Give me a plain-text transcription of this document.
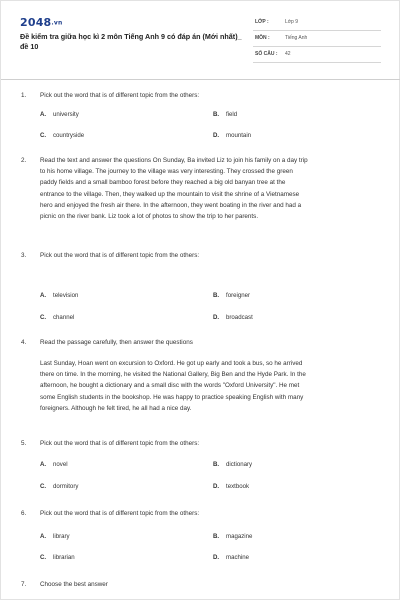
2048.vn
Đề kiểm tra giữa học kì 2 môn Tiếng Anh 9 có đáp án (Mới nhất)_ đề 10
LỚP :	Lớp 9
MÔN :	Tiếng Anh
SỐ CÂU : 42
1. Pick out the word that is of different topic from the others:
A. university	B. field
C. countryside	D. mountain
2. Read the text and answer the questions On Sunday, Ba invited Liz to join his family on a day trip
to his home village. The journey to the village was very interesting. They crossed the green
paddy fields and a small bamboo forest before they reached a big old banyan tree at the
entrance to the village. Then, they walked up the mountain to visit the shrine of a Vietnamese
hero and enjoyed the fresh air there. In the afternoon, they went boating in the river and had a
picnic on the river bank. Liz took a lot of photos to show the trip to her parents.
3. Pick out the word that is of different topic from the others:
A. television	B. foreigner
C. channel	D. broadcast
4. Read the passage carefully, then answer the questions
Last Sunday, Hoan went on excursion to Oxford. He got up early and took a bus, so he arrived
there on time. In the morning, he visited the National Gallery, Big Ben and the Hyde Park. In the
afternoon, he bought a dictionary and a small disc with the words "Oxford University". He met
some English students in the bookshop. He was happy to practice speaking English with many
foreigners. Although he felt tired, he all had a nice day.
5. Pick out the word that is of different topic from the others:
A. novel	B. dictionary
C. dormitory	D. textbook
6. Pick out the word that is of different topic from the others:
A. library	B. magazine
C. librarian	D. machine
7. Choose the best answer
